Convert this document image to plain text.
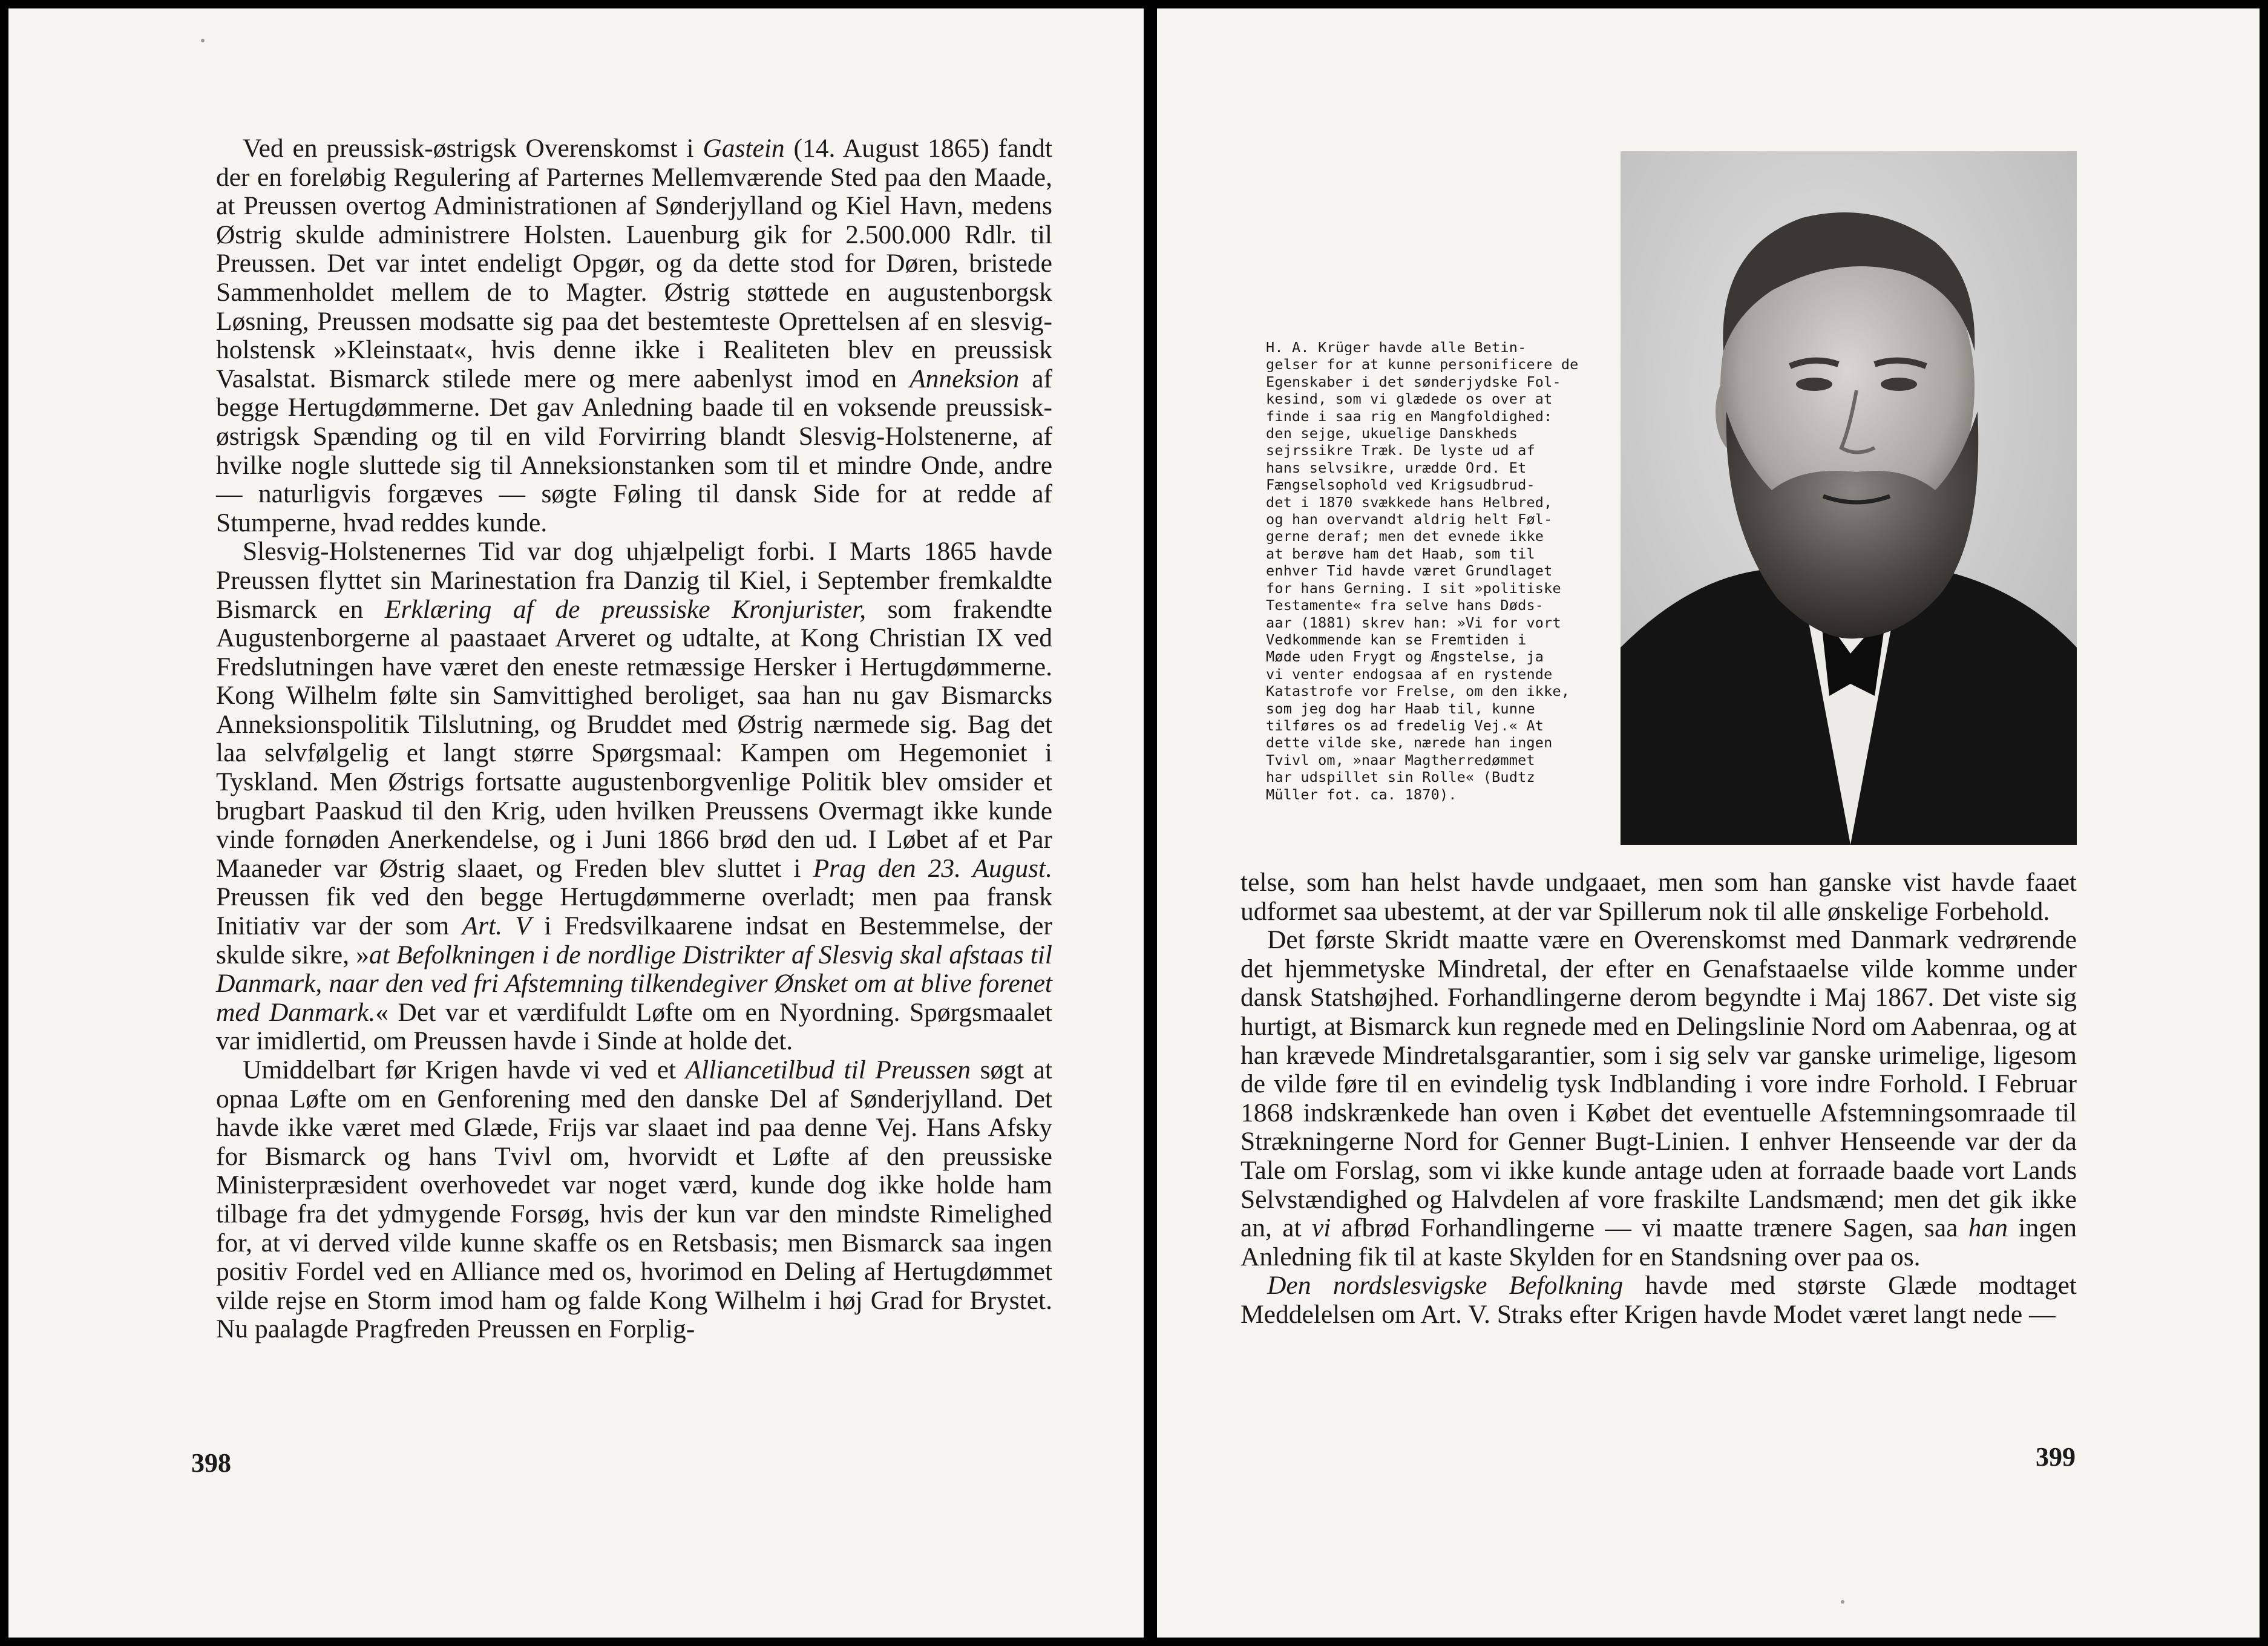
Ved en preussisk-østrigsk Overenskomst i Gastein (14. August 1865) fandt der en foreløbig Regulering af Parternes Mellemværende Sted paa den Maade, at Preussen overtog Administrationen af Sønderjylland og Kiel Havn, medens Østrig skulde administrere Holsten. Lauenburg gik for 2.500.000 Rdlr. til Preussen. Det var intet endeligt Opgør, og da dette stod for Døren, bristede Sammenholdet mellem de to Magter. Østrig støttede en augustenborgsk Løsning, Preussen modsatte sig paa det bestemteste Oprettelsen af en slesvig-holstensk »Kleinstaat«, hvis denne ikke i Realiteten blev en preussisk Vasalstat. Bismarck stilede mere og mere aabenlyst imod en Anneksion af begge Hertugdømmerne. Det gav Anledning baade til en voksende preussisk-østrigsk Spænding og til en vild Forvirring blandt Slesvig-Holstenerne, af hvilke nogle sluttede sig til Anneksionstanken som til et mindre Onde, andre — naturligvis forgæves — søgte Føling til dansk Side for at redde af Stumperne, hvad reddes kunde.

Slesvig-Holstenernes Tid var dog uhjælpeligt forbi. I Marts 1865 havde Preussen flyttet sin Marinestation fra Danzig til Kiel, i September fremkaldte Bismarck en Erklæring af de preussiske Kronjurister, som frakendte Augustenborgerne al paastaaet Arveret og udtalte, at Kong Christian IX ved Fredslutningen have været den eneste retmæssige Hersker i Hertugdømmerne. Kong Wilhelm følte sin Samvittighed beroliget, saa han nu gav Bismarcks Anneksionspolitik Tilslutning, og Bruddet med Østrig nærmede sig. Bag det laa selvfølgelig et langt større Spørgsmaal: Kampen om Hegemoniet i Tyskland. Men Østrigs fortsatte augustenborgvenlige Politik blev omsider et brugbart Paaskud til den Krig, uden hvilken Preussens Overmagt ikke kunde vinde fornøden Anerkendelse, og i Juni 1866 brød den ud. I Løbet af et Par Maaneder var Østrig slaaet, og Freden blev sluttet i Prag den 23. August. Preussen fik ved den begge Hertugdømmerne overladt; men paa fransk Initiativ var der som Art. V i Fredsvilkaarene indsat en Bestemmelse, der skulde sikre, »at Befolkningen i de nordlige Distrikter af Slesvig skal afstaas til Danmark, naar den ved fri Afstemning tilkendegiver Ønsket om at blive forenet med Danmark.« Det var et værdifuldt Løfte om en Nyordning. Spørgsmaalet var imidlertid, om Preussen havde i Sinde at holde det.

Umiddelbart før Krigen havde vi ved et Alliancetilbud til Preussen søgt at opnaa Løfte om en Genforening med den danske Del af Sønderjylland. Det havde ikke været med Glæde, Frijs var slaaet ind paa denne Vej. Hans Afsky for Bismarck og hans Tvivl om, hvorvidt et Løfte af den preussiske Ministerpræsident overhovedet var noget værd, kunde dog ikke holde ham tilbage fra det ydmygende Forsøg, hvis der kun var den mindste Rimelighed for, at vi derved vilde kunne skaffe os en Retsbasis; men Bismarck saa ingen positiv Fordel ved en Alliance med os, hvorimod en Deling af Hertugdømmet vilde rejse en Storm imod ham og falde Kong Wilhelm i høj Grad for Brystet. Nu paalagde Pragfreden Preussen en Forplig-

398
H. A. Krüger havde alle Betin-
gelser for at kunne personificere de
Egenskaber i det sønderjydske Fol-
kesind, som vi glædede os over at
finde i saa rig en Mangfoldighed:
den sejge, ukuelige Danskheds
sejrssikre Træk. De lyste ud af
hans selvsikre, urædde Ord. Et
Fængselsophold ved Krigsudbrud-
det i 1870 svækkede hans Helbred,
og han overvandt aldrig helt Føl-
gerne deraf; men det evnede ikke
at berøve ham det Haab, som til
enhver Tid havde været Grundlaget
for hans Gerning. I sit »politiske
Testamente« fra selve hans Døds-
aar (1881) skrev han: »Vi for vort
Vedkommende kan se Fremtiden i
Møde uden Frygt og Ængstelse, ja
vi venter endogsaa af en rystende
Katastrofe vor Frelse, om den ikke,
som jeg dog har Haab til, kunne
tilføres os ad fredelig Vej.« At
dette vilde ske, nærede han ingen
Tvivl om, »naar Magtherredømmet
har udspillet sin Rolle« (Budtz
Müller fot. ca. 1870).

telse, som han helst havde undgaaet, men som han ganske vist havde faaet udformet saa ubestemt, at der var Spillerum nok til alle ønskelige Forbehold.

Det første Skridt maatte være en Overenskomst med Danmark vedrørende det hjemmetyske Mindretal, der efter en Genafstaaelse vilde komme under dansk Statshøjhed. Forhandlingerne derom begyndte i Maj 1867. Det viste sig hurtigt, at Bismarck kun regnede med en Delingslinie Nord om Aabenraa, og at han krævede Mindretalsgarantier, som i sig selv var ganske urimelige, ligesom de vilde føre til en evindelig tysk Indblanding i vore indre Forhold. I Februar 1868 indskrænkede han oven i Købet det eventuelle Afstemningsomraade til Strækningerne Nord for Genner Bugt-Linien. I enhver Henseende var der da Tale om Forslag, som vi ikke kunde antage uden at forraade baade vort Lands Selvstændighed og Halvdelen af vore fraskilte Landsmænd; men det gik ikke an, at vi afbrød Forhandlingerne — vi maatte trænere Sagen, saa han ingen Anledning fik til at kaste Skylden for en Standsning over paa os.

Den nordslesvigske Befolkning havde med største Glæde modtaget Meddelelsen om Art. V. Straks efter Krigen havde Modet været langt nede —

399
